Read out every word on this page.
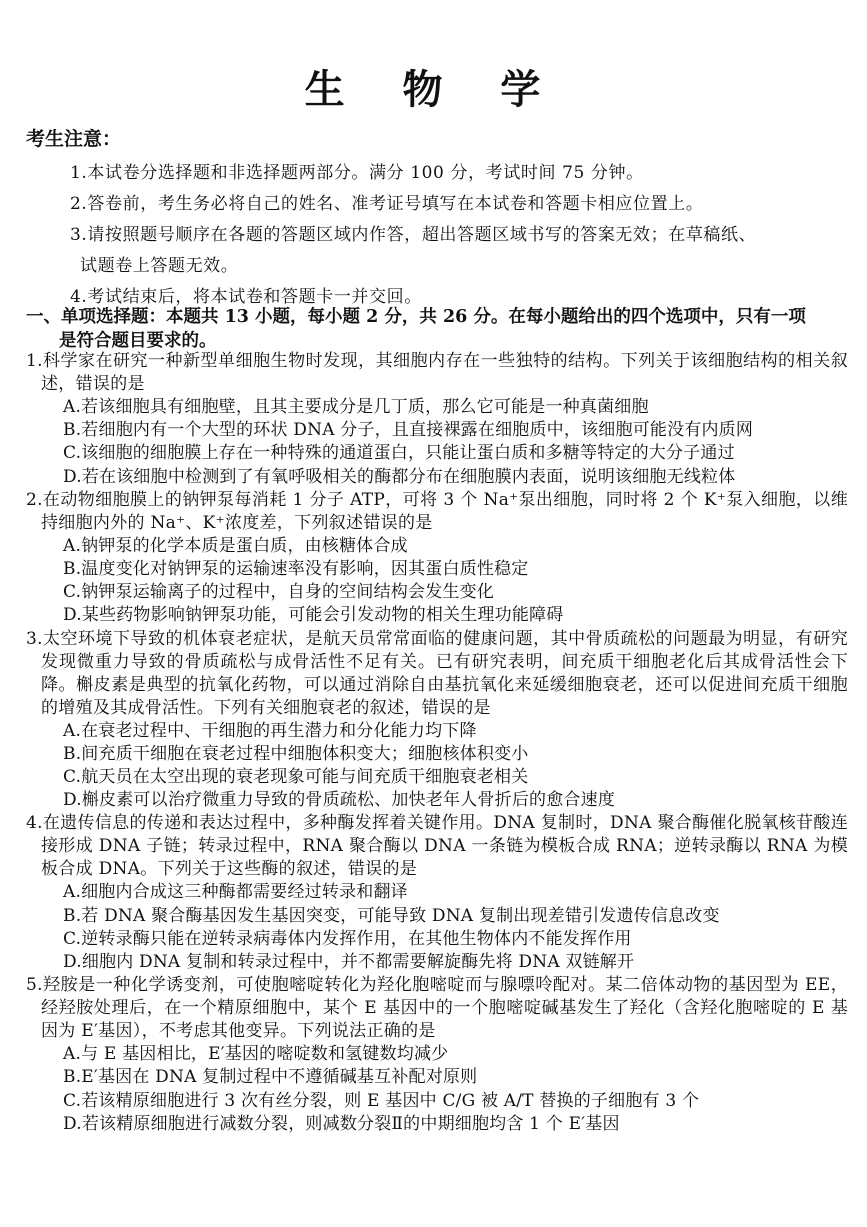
生 物 学
考生注意：
1.本试卷分选择题和非选择题两部分。满分 100 分，考试时间 75 分钟。
2.答卷前，考生务必将自己的姓名、准考证号填写在本试卷和答题卡相应位置上。
3.请按照题号顺序在各题的答题区域内作答，超出答题区域书写的答案无效；在草稿纸、
试题卷上答题无效。
4.考试结束后，将本试卷和答题卡一并交回。
一、单项选择题：本题共 13 小题，每小题 2 分，共 26 分。在每小题给出的四个选项中，只有一项
是符合题目要求的。
1.科学家在研究一种新型单细胞生物时发现，其细胞内存在一些独特的结构。下列关于该细胞结构的相关叙述，错误的是
A.若该细胞具有细胞壁，且其主要成分是几丁质，那么它可能是一种真菌细胞
B.若细胞内有一个大型的环状 DNA 分子，且直接裸露在细胞质中，该细胞可能没有内质网
C.该细胞的细胞膜上存在一种特殊的通道蛋白，只能让蛋白质和多糖等特定的大分子通过
D.若在该细胞中检测到了有氧呼吸相关的酶都分布在细胞膜内表面，说明该细胞无线粒体
2.在动物细胞膜上的钠钾泵每消耗 1 分子 ATP，可将 3 个 Na⁺泵出细胞，同时将 2 个 K⁺泵入细胞，以维持细胞内外的 Na⁺、K⁺浓度差，下列叙述错误的是
A.钠钾泵的化学本质是蛋白质，由核糖体合成
B.温度变化对钠钾泵的运输速率没有影响，因其蛋白质性稳定
C.钠钾泵运输离子的过程中，自身的空间结构会发生变化
D.某些药物影响钠钾泵功能，可能会引发动物的相关生理功能障碍
3.太空环境下导致的机体衰老症状，是航天员常常面临的健康问题，其中骨质疏松的问题最为明显，有研究发现微重力导致的骨质疏松与成骨活性不足有关。已有研究表明，间充质干细胞老化后其成骨活性会下降。槲皮素是典型的抗氧化药物，可以通过消除自由基抗氧化来延缓细胞衰老，还可以促进间充质干细胞的增殖及其成骨活性。下列有关细胞衰老的叙述，错误的是
A.在衰老过程中、干细胞的再生潜力和分化能力均下降
B.间充质干细胞在衰老过程中细胞体积变大；细胞核体积变小
C.航天员在太空出现的衰老现象可能与间充质干细胞衰老相关
D.槲皮素可以治疗微重力导致的骨质疏松、加快老年人骨折后的愈合速度
4.在遗传信息的传递和表达过程中，多种酶发挥着关键作用。DNA 复制时，DNA 聚合酶催化脱氧核苷酸连接形成 DNA 子链；转录过程中，RNA 聚合酶以 DNA 一条链为模板合成 RNA；逆转录酶以 RNA 为模板合成 DNA。下列关于这些酶的叙述，错误的是
A.细胞内合成这三种酶都需要经过转录和翻译
B.若 DNA 聚合酶基因发生基因突变，可能导致 DNA 复制出现差错引发遗传信息改变
C.逆转录酶只能在逆转录病毒体内发挥作用，在其他生物体内不能发挥作用
D.细胞内 DNA 复制和转录过程中，并不都需要解旋酶先将 DNA 双链解开
5.羟胺是一种化学诱变剂，可使胞嘧啶转化为羟化胞嘧啶而与腺嘌呤配对。某二倍体动物的基因型为 EE，经羟胺处理后，在一个精原细胞中，某个 E 基因中的一个胞嘧啶碱基发生了羟化（含羟化胞嘧啶的 E 基因为 E′基因），不考虑其他变异。下列说法正确的是
A.与 E 基因相比，E′基因的嘧啶数和氢键数均减少
B.E′基因在 DNA 复制过程中不遵循碱基互补配对原则
C.若该精原细胞进行 3 次有丝分裂，则 E 基因中 C/G 被 A/T 替换的子细胞有 3 个
D.若该精原细胞进行减数分裂，则减数分裂Ⅱ的中期细胞均含 1 个 E′基因
